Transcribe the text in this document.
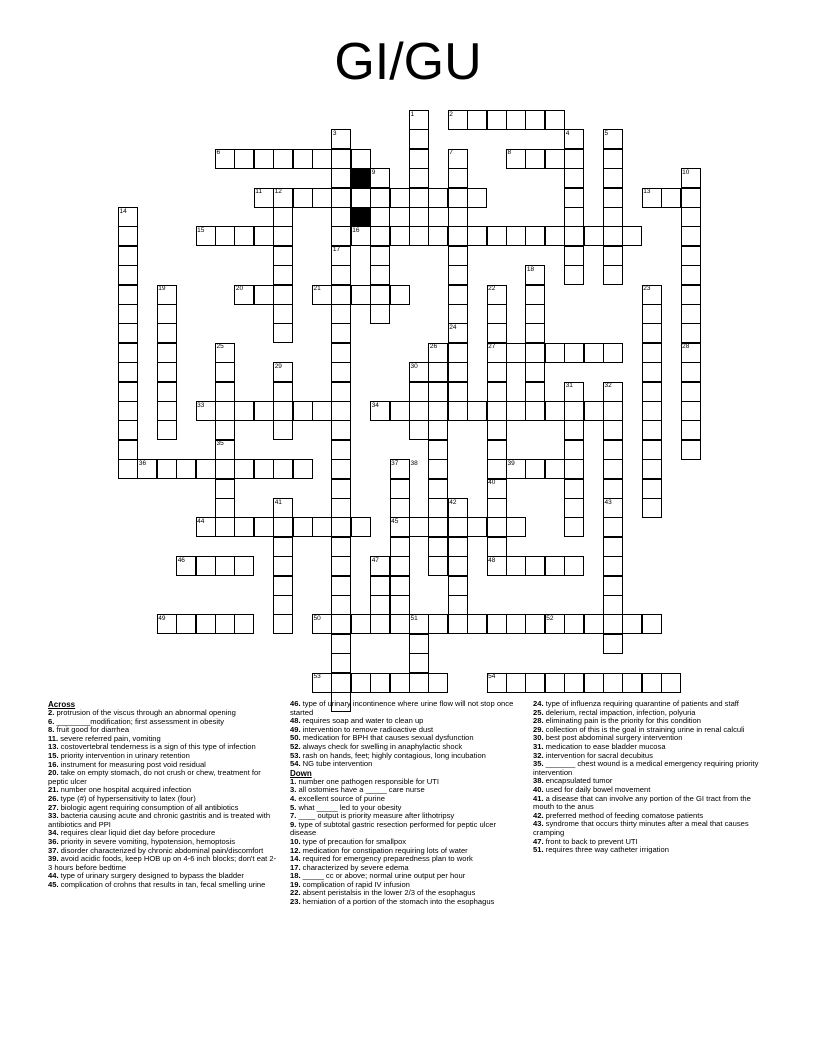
GI/GU
1	2
3	4	5
6	7	8
9	10
11 12	13
14
15	16
17
18
19	20	21	22	23
24
25	26	27	28
29	30
31	32
33	34
35
36	37 38	39
40
41	42	43
44	45
46	47	48
49	50	51	52
53	54
Across

2. protrusion of the viscus through an abnormal opening

6. ________modification; first assessment in obesity

8. fruit good for diarrhea

11. severe referred pain, vomiting

13. costovertebral tenderness is a sign of this type of infection

15. priority intervention in urinary retention

16. instrument for measuring post void residual

20. take on empty stomach, do not crush or chew, treatment for peptic ulcer

21. number one hospital acquired infection

26. type (#) of hypersensitivity to latex (four)

27. biologic agent requiring consumption of all antibiotics

33. bacteria causing acute and chronic gastritis and is treated with antibiotics and PPI

34. requires clear liquid diet day before procedure

36. priority in severe vomiting, hypotension, hemoptosis

37. disorder characterized by chronic abdominal pain/discomfort

39. avoid acidic foods, keep HOB up on 4-6 inch blocks; don't eat 2-3 hours before bedtime

44. type of urinary surgery designed to bypass the bladder

45. complication of crohns that results in tan, fecal smelling urine

46. type of urinary incontinence where urine flow will not stop once started

48. requires soap and water to clean up

49. intervention to remove radioactive dust

50. medication for BPH that causes sexual dysfunction

52. always check for swelling in anaphylactic shock

53. rash on hands, feet; highly contagious, long incubation

54. NG tube intervention

Down

1. number one pathogen responsible for UTI

3. all ostomies have a _____ care nurse

4. excellent source of purine

5. what _____ led to your obesity

7. ____ output is priority measure after lithotripsy

9. type of subtotal gastric resection performed for peptic ulcer disease

10. type of precaution for smallpox

12. medication for constipation requiring lots of water

14. required for emergency preparedness plan to work

17. characterized by severe edema

18. _____ cc or above; normal urine output per hour

19. complication of rapid IV infusion

22. absent peristalsis in the lower 2/3 of the esophagus

23. herniation of a portion of the stomach into the esophagus

24. type of influenza requiring quarantine of patients and staff

25. delerium, rectal impaction, infection, polyuria

28. eliminating pain is the priority for this condition

29. collection of this is the goal in straining urine in renal calculi

30. best post abdominal surgery intervention

31. medication to ease bladder mucosa

32. intervention for sacral decubitus

35. _______ chest wound is a medical emergency requiring priority intervention

38. encapsulated tumor

40. used for daily bowel movement

41. a disease that can involve any portion of the GI tract from the mouth to the anus

42. preferred method of feeding comatose patients

43. syndrome that occurs thirty minutes after a meal that causes cramping

47. front to back to prevent UTI

51. requires three way catheter irrigation
